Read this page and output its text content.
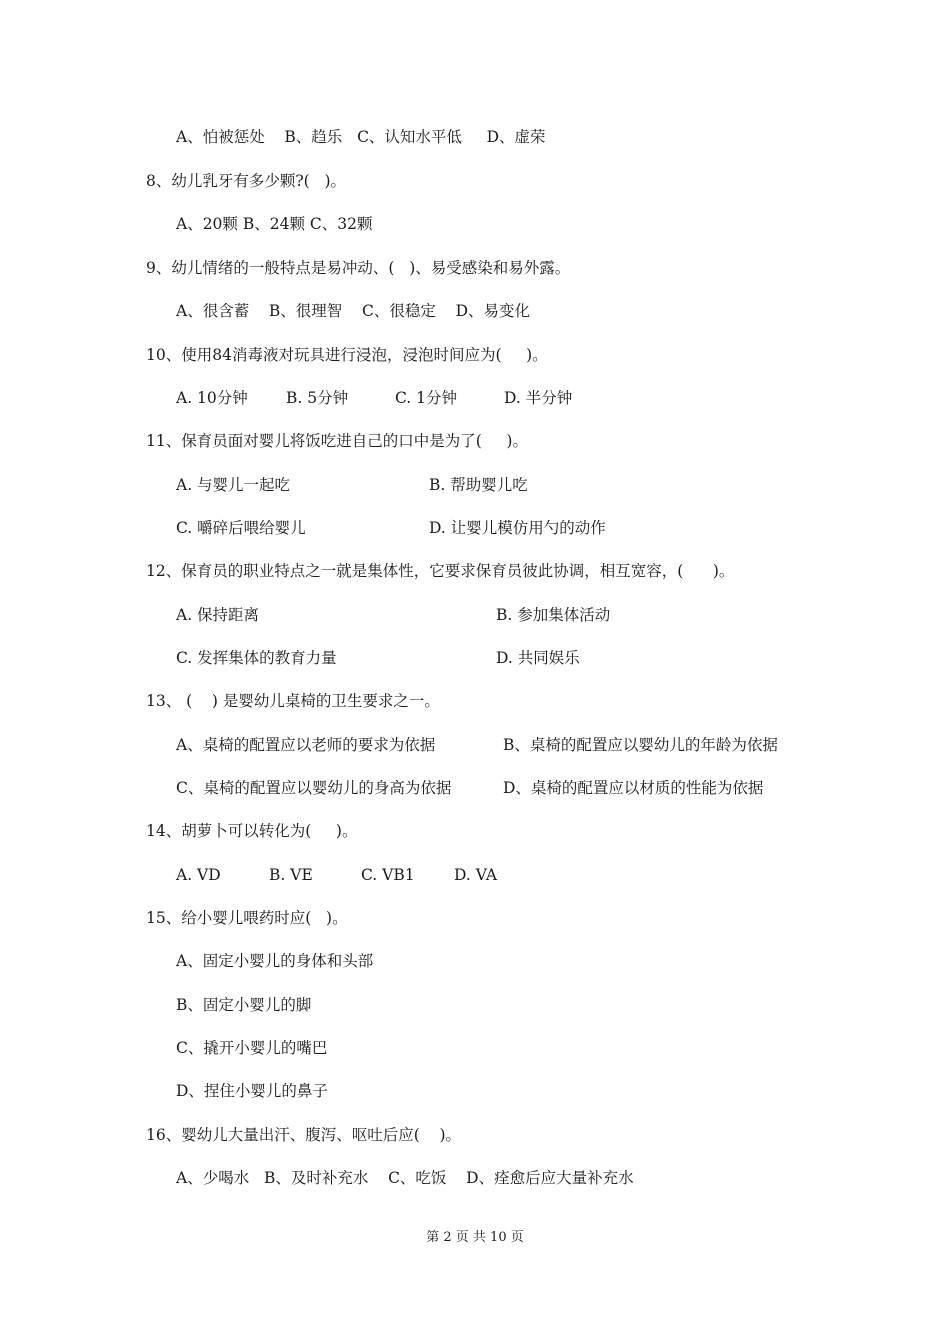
A、怕被惩处    B、趋乐   C、认知水平低     D、虚荣
8、幼儿乳牙有多少颗?(   )。
A、20颗 B、24颗 C、32颗
9、幼儿情绪的一般特点是易冲动、(   )、易受感染和易外露。
A、很含蓄    B、很理智    C、很稳定    D、易变化
10、使用84消毒液对玩具进行浸泡，浸泡时间应为(     )。
A. 10分钟 B. 5分钟	C. 1分钟	D. 半分钟
11、保育员面对婴儿将饭吃进自己的口中是为了(     )。
A. 与婴儿一起吃	B. 帮助婴儿吃
C. 嚼碎后喂给婴儿	D. 让婴儿模仿用勺的动作
12、保育员的职业特点之一就是集体性，它要求保育员彼此协调，相互宽容，(      )。
A. 保持距离	B. 参加集体活动
C. 发挥集体的教育力量	D. 共同娱乐
13、 (    ) 是婴幼儿桌椅的卫生要求之一。
A、桌椅的配置应以老师的要求为依据	B、桌椅的配置应以婴幼儿的年龄为依据
C、桌椅的配置应以婴幼儿的身高为依据	D、桌椅的配置应以材质的性能为依据
14、胡萝卜可以转化为(     )。
A. VD	B. VE	C. VB1	D. VA
15、给小婴儿喂药时应(   )。
A、固定小婴儿的身体和头部
B、固定小婴儿的脚
C、撬开小婴儿的嘴巴
D、捏住小婴儿的鼻子
16、婴幼儿大量出汗、腹泻、呕吐后应(    )。
A、少喝水   B、及时补充水    C、吃饭    D、痊愈后应大量补充水
第 2 页 共 10 页
